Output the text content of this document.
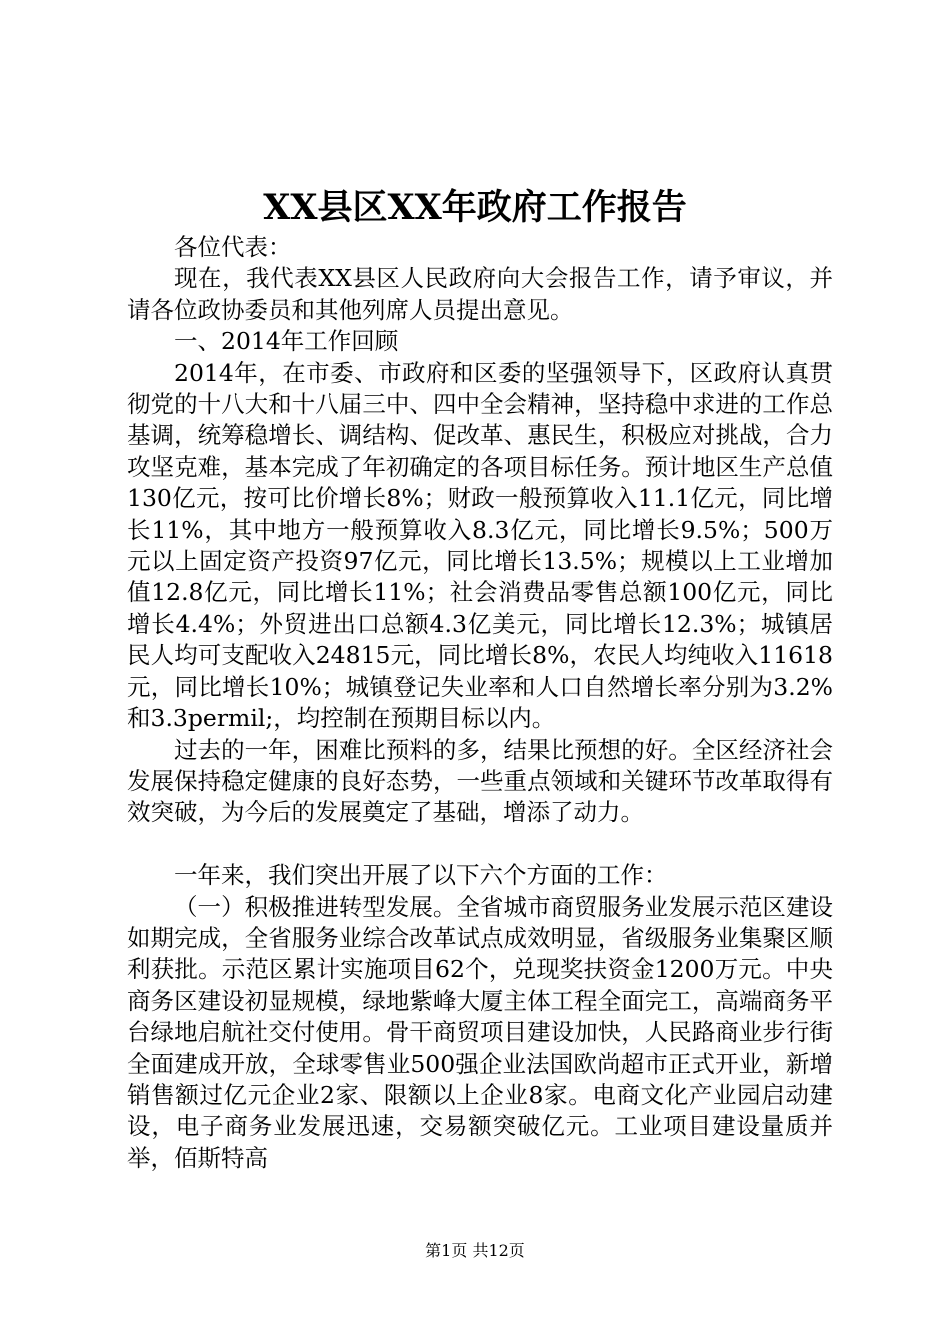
XX县区XX年政府工作报告

各位代表：

现在，我代表XX县区人民政府向大会报告工作，请予审议，并请各位政协委员和其他列席人员提出意见。

一、2014年工作回顾

2014年，在市委、市政府和区委的坚强领导下，区政府认真贯彻党的十八大和十八届三中、四中全会精神，坚持稳中求进的工作总基调，统筹稳增长、调结构、促改革、惠民生，积极应对挑战，合力攻坚克难，基本完成了年初确定的各项目标任务。预计地区生产总值130亿元，按可比价增长8%；财政一般预算收入11.1亿元，同比增长11%，其中地方一般预算收入8.3亿元，同比增长9.5%；500万元以上固定资产投资97亿元，同比增长13.5%；规模以上工业增加值12.8亿元，同比增长11%；社会消费品零售总额100亿元，同比增长4.4%；外贸进出口总额4.3亿美元，同比增长12.3%；城镇居民人均可支配收入24815元，同比增长8%，农民人均纯收入11618元，同比增长10%；城镇登记失业率和人口自然增长率分别为3.2%和3.3permil;，均控制在预期目标以内。

过去的一年，困难比预料的多，结果比预想的好。全区经济社会发展保持稳定健康的良好态势，一些重点领域和关键环节改革取得有效突破，为今后的发展奠定了基础，增添了动力。

一年来，我们突出开展了以下六个方面的工作：

（一）积极推进转型发展。全省城市商贸服务业发展示范区建设如期完成，全省服务业综合改革试点成效明显，省级服务业集聚区顺利获批。示范区累计实施项目62个，兑现奖扶资金1200万元。中央商务区建设初显规模，绿地紫峰大厦主体工程全面完工，高端商务平台绿地启航社交付使用。骨干商贸项目建设加快，人民路商业步行街全面建成开放，全球零售业500强企业法国欧尚超市正式开业，新增销售额过亿元企业2家、限额以上企业8家。电商文化产业园启动建设，电子商务业发展迅速，交易额突破亿元。工业项目建设量质并举，佰斯特高

第1页 共12页
